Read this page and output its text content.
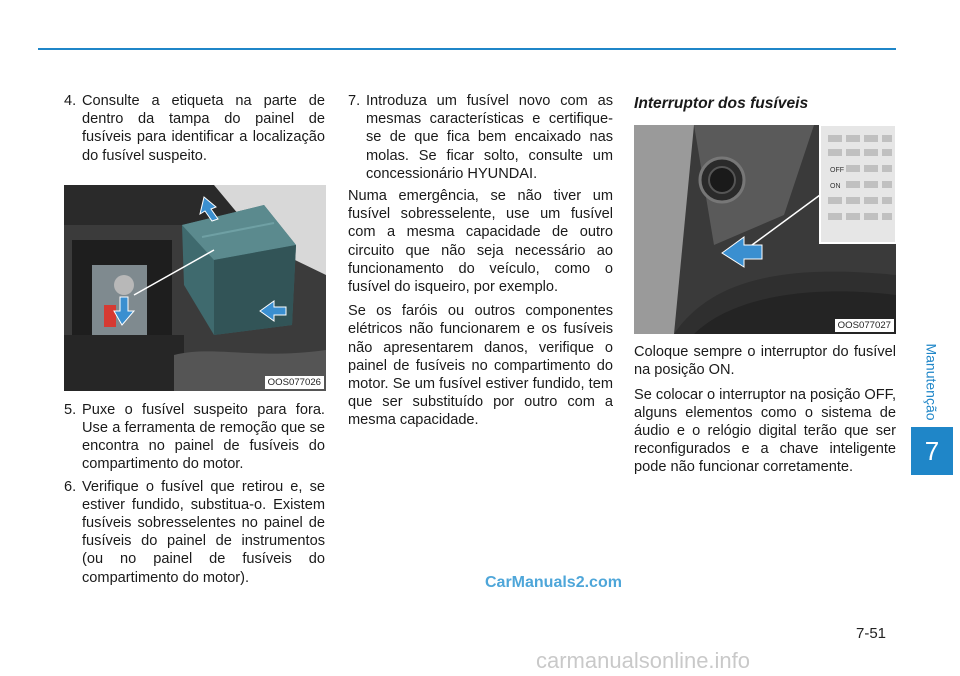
4. Consulte a etiqueta na parte de dentro da tampa do painel de fusíveis para identificar a localização do fusível suspeito.
OOS077026
5. Puxe o fusível suspeito para fora. Use a ferramenta de remoção que se encontra no painel de fusíveis do compartimento do motor.
6. Verifique o fusível que retirou e, se estiver fundido, substitua-o. Existem fusíveis sobresselentes no painel de fusíveis do painel de instrumentos (ou no painel de fusíveis do compartimento do motor).
7. Introduza um fusível novo com as mesmas características e certifique-se de que fica bem encaixado nas molas. Se ficar solto, consulte um concessionário HYUNDAI.

Numa emergência, se não tiver um fusível sobresselente, use um fusível com a mesma capacidade de outro circuito que não seja necessário ao funcionamento do veículo, como o fusível do isqueiro, por exemplo.

Se os faróis ou outros componentes elétricos não funcionarem e os fusíveis não apresentarem danos, verifique o painel de fusíveis no compartimento do motor. Se um fusível estiver fundido, tem que ser substituído por outro com a mesma capacidade.

Interruptor dos fusíveis
OFF
ON
OOS077027

Coloque sempre o interruptor do fusível na posição ON.

Se colocar o interruptor na posição OFF, alguns elementos como o sistema de áudio e o relógio digital terão que ser reconfigurados e a chave inteligente pode não funcionar corretamente.

Manutenção
7
7-51
CarManuals2.com
carmanualsonline.info
